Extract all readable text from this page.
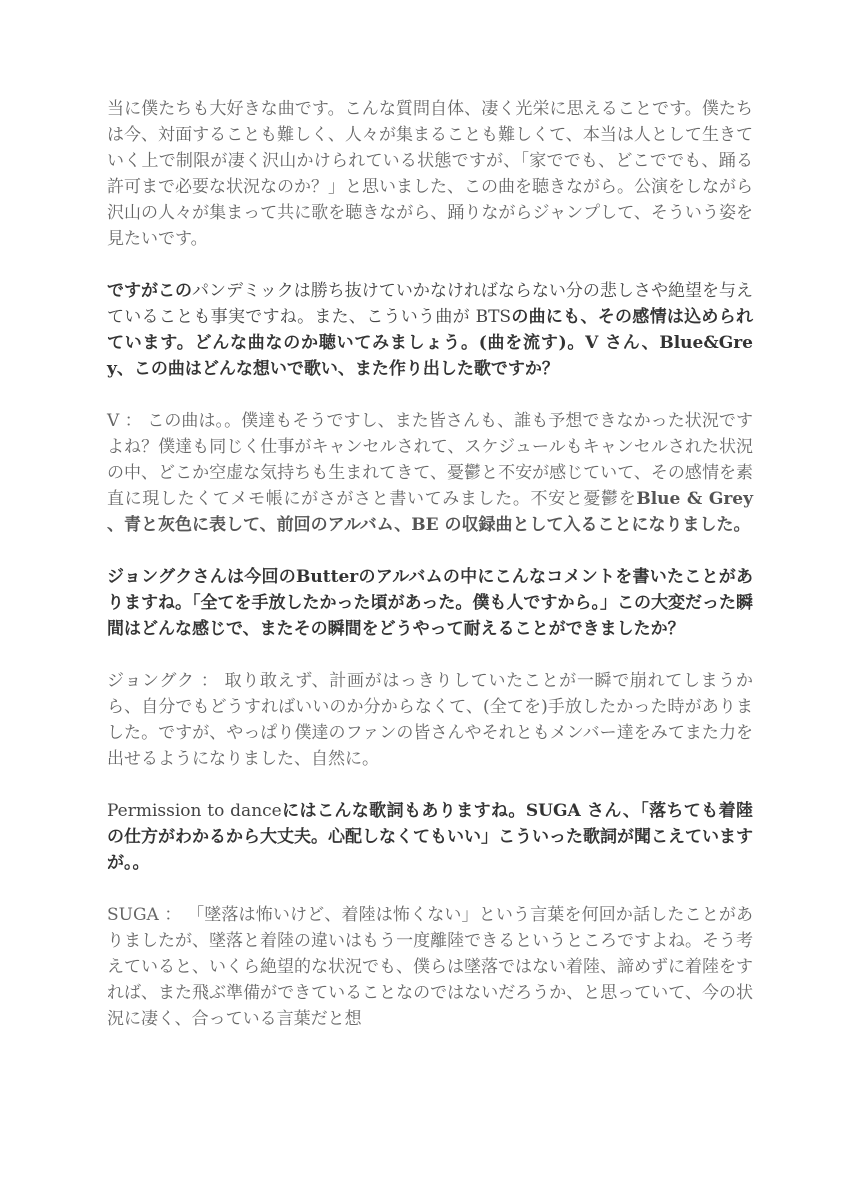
当に僕たちも大好きな曲です。こんな質問自体、凄く光栄に思えることです。僕たちは今、対面することも難しく、人々が集まることも難しくて、本当は人として生きていく上で制限が凄く沢山かけられている状態ですが、「家ででも、どこででも、踊る許可まで必要な状況なのか？」と思いました、この曲を聴きながら。公演をしながら沢山の人々が集まって共に歌を聴きながら、踊りながらジャンプして、そういう姿を見たいです。

ですがこのパンデミックは勝ち抜けていかなければならない分の悲しさや絶望を与えていることも事実ですね。また、こういう曲が BTSの曲にも、その感情は込められています。どんな曲なのか聴いてみましょう。(曲を流す)。V さん、Blue&Grey、この曲はどんな想いで歌い、また作り出した歌ですか？

V ： この曲は。。僕達もそうですし、また皆さんも、誰も予想できなかった状況ですよね？僕達も同じく仕事がキャンセルされて、スケジュールもキャンセルされた状況の中、どこか空虚な気持ちも生まれてきて、憂鬱と不安が感じていて、その感情を素直に現したくてメモ帳にがさがさと書いてみました。不安と憂鬱をBlue & Grey 、青と灰色に表して、前回のアルバム、BE の収録曲として入ることになりました。

ジョングクさんは今回のButterのアルバムの中にこんなコメントを書いたことがありますね。「全てを手放したかった頃があった。僕も人ですから。」この大変だった瞬間はどんな感じで、またその瞬間をどうやって耐えることができましたか？

ジョングク ： 取り敢えず、計画がはっきりしていたことが一瞬で崩れてしまうから、自分でもどうすればいいのか分からなくて、(全てを)手放したかった時がありました。ですが、やっぱり僕達のファンの皆さんやそれともメンバー達をみてまた力を出せるようになりました、自然に。

Permission to danceにはこんな歌詞もありますね。SUGA さん、「落ちても着陸の仕方がわかるから大丈夫。心配しなくてもいい」こういった歌詞が聞こえていますが。。

SUGA ： 「墜落は怖いけど、着陸は怖くない」という言葉を何回か話したことがありましたが、墜落と着陸の違いはもう一度離陸できるというところですよね。そう考えていると、いくら絶望的な状況でも、僕らは墜落ではない着陸、諦めずに着陸をすれば、また飛ぶ準備ができていることなのではないだろうか、と思っていて、今の状況に凄く、合っている言葉だと想
